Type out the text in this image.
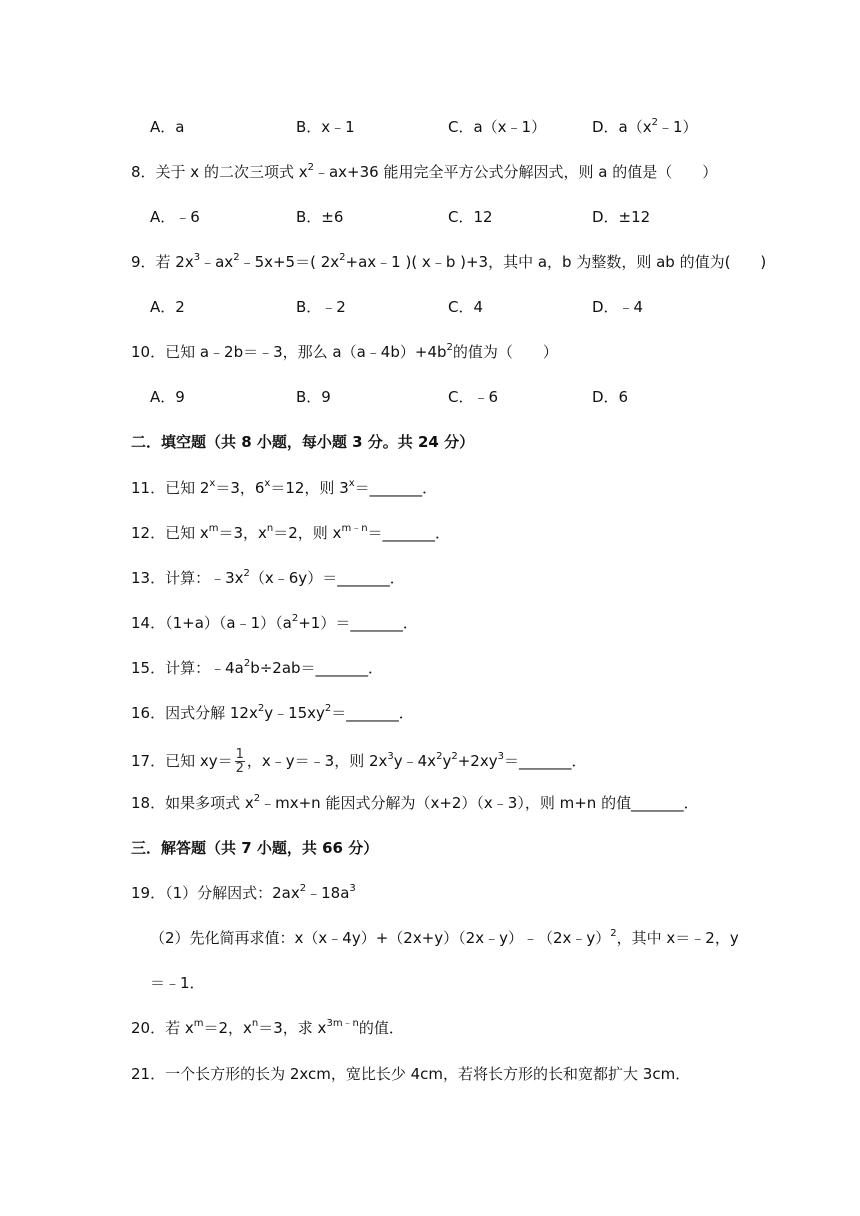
A．a	B．x﹣1	C．a（x﹣1）	D．$a(x^2﹣1)$
8．关于 x 的二次三项式 $x^2﹣ax+36$ 能用完全平方公式分解因式，则 a 的值是（　　）
A．﹣6	B．±6	C．12	D．±12
9．若 $2x^3﹣ax^2﹣5x+5=$( $2x^2+ax﹣1$ )( x﹣b )+3，其中 a，b 为整数，则 ab 的值为(　　)
A．2	B．﹣2	C．4	D．﹣4
10．已知 a﹣2b＝﹣3，那么 $a(a﹣4b)+4b^2$的值为（　　）
A．9	B．9	C．﹣6	D．6
二．填空题（共 8 小题，每小题 3 分。共 24 分）
11．已知 $2^x=3$，$6^x=12$，则 $3^x=\_\_\_\_\_\_\_$．
12．已知 $x^m=3$，$x^n=2$，则 $x^{m﹣n}=\_\_\_\_\_\_\_$．
13．计算：$﹣3x^2(x﹣6y)=\_\_\_\_\_\_\_$．
14．$(1+a)(a﹣1)(a^2+1)=\_\_\_\_\_\_\_$．
15．计算：$﹣4a^2b\div 2ab=\_\_\_\_\_\_\_$．
16．因式分解 $12x^2y﹣15xy^2=\_\_\_\_\_\_\_$．
17．已知 $xy= \frac{1}{2}$ ，x﹣y＝﹣3，则 $2x^3y﹣4x^2y^2+2xy^3=\_\_\_\_\_\_\_$．
18．如果多项式 $x^2﹣mx+n$ 能因式分解为（x+2）（x﹣3），则 m+n 的值_______．
三．解答题（共 7 小题，共 66 分）
19．（1）分解因式：$2ax^2﹣18a^3$
（2）先化简再求值：x（x﹣4y）+（2x+y）（2x﹣y）﹣（2x﹣y）$^2$，其中 x＝﹣2，y
＝﹣1．
20．若 $x^m=2$，$x^n=3$，求 $x^{3m﹣n}$的值．
21．一个长方形的长为 2xcm，宽比长少 4cm，若将长方形的长和宽都扩大 3cm．
